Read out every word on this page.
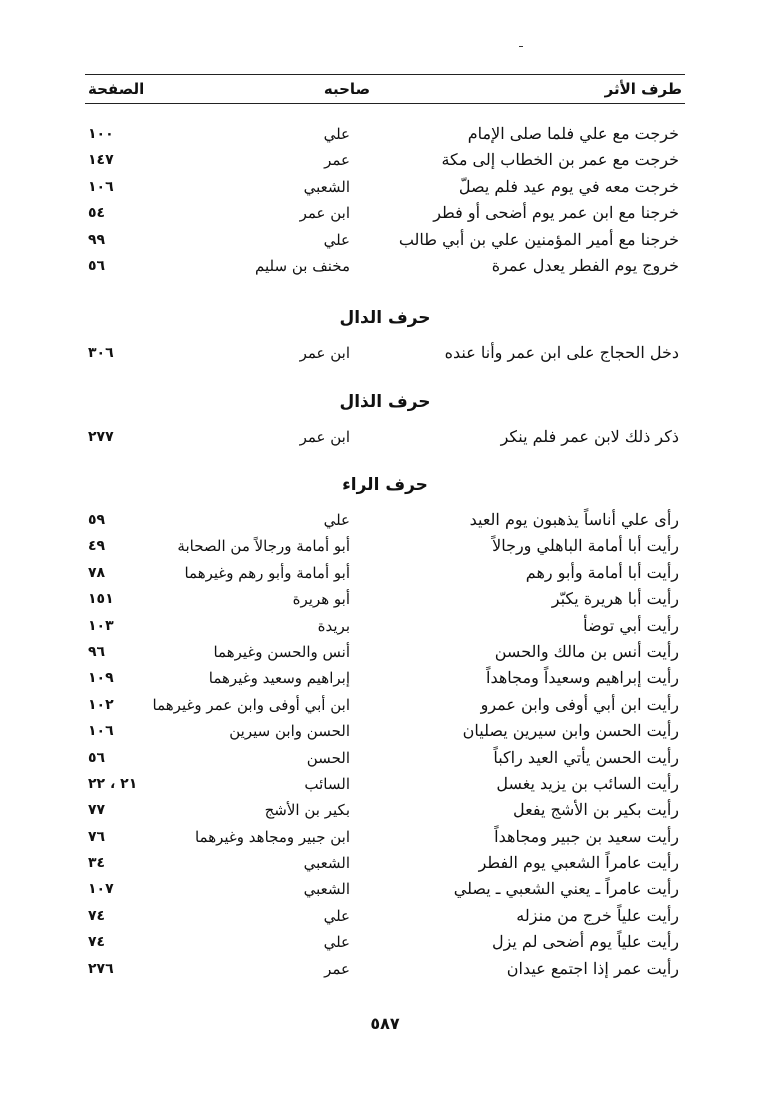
طرف الأثر
صاحبه
الصفحة
خرجت مع علي فلما صلى الإمام
علي
١٠٠
خرجت مع عمر بن الخطاب إلى مكة
عمر
١٤٧
خرجت معه في يوم عيد فلم يصلّ
الشعبي
١٠٦
خرجنا مع ابن عمر يوم أضحى أو فطر
ابن عمر
٥٤
خرجنا مع أمير المؤمنين علي بن أبي طالب
علي
٩٩
خروج يوم الفطر يعدل عمرة
مخنف بن سليم
٥٦
حرف الدال
دخل الحجاج على ابن عمر وأنا عنده
ابن عمر
٣٠٦
حرف الذال
ذكر ذلك لابن عمر فلم ينكر
ابن عمر
٢٧٧
حرف الراء
رأى علي أناساً يذهبون يوم العيد
علي
٥٩
رأيت أبا أمامة الباهلي ورجالاً
أبو أمامة ورجالاً من الصحابة
٤٩
رأيت أبا أمامة وأبو رهم
أبو أمامة وأبو رهم وغيرهما
٧٨
رأيت أبا هريرة يكبّر
أبو هريرة
١٥١
رأيت أبي توضأ
بريدة
١٠٣
رأيت أنس بن مالك والحسن
أنس والحسن وغيرهما
٩٦
رأيت إبراهيم وسعيداً ومجاهداً
إبراهيم وسعيد وغيرهما
١٠٩
رأيت ابن أبي أوفى وابن عمرو
ابن أبي أوفى وابن عمر وغيرهما
١٠٢
رأيت الحسن وابن سيرين يصليان
الحسن وابن سيرين
١٠٦
رأيت الحسن يأتي العيد راكباً
الحسن
٥٦
رأيت السائب بن يزيد يغسل
السائب
٢١ ، ٢٢
رأيت بكير بن الأشج يفعل
بكير بن الأشج
٧٧
رأيت سعيد بن جبير ومجاهداً
ابن جبير ومجاهد وغيرهما
٧٦
رأيت عامراً الشعبي يوم الفطر
الشعبي
٣٤
رأيت عامراً ـ يعني الشعبي ـ يصلي
الشعبي
١٠٧
رأيت علياً خرج من منزله
علي
٧٤
رأيت علياً يوم أضحى لم يزل
علي
٧٤
رأيت عمر إذا اجتمع عيدان
عمر
٢٧٦
٥٨٧
